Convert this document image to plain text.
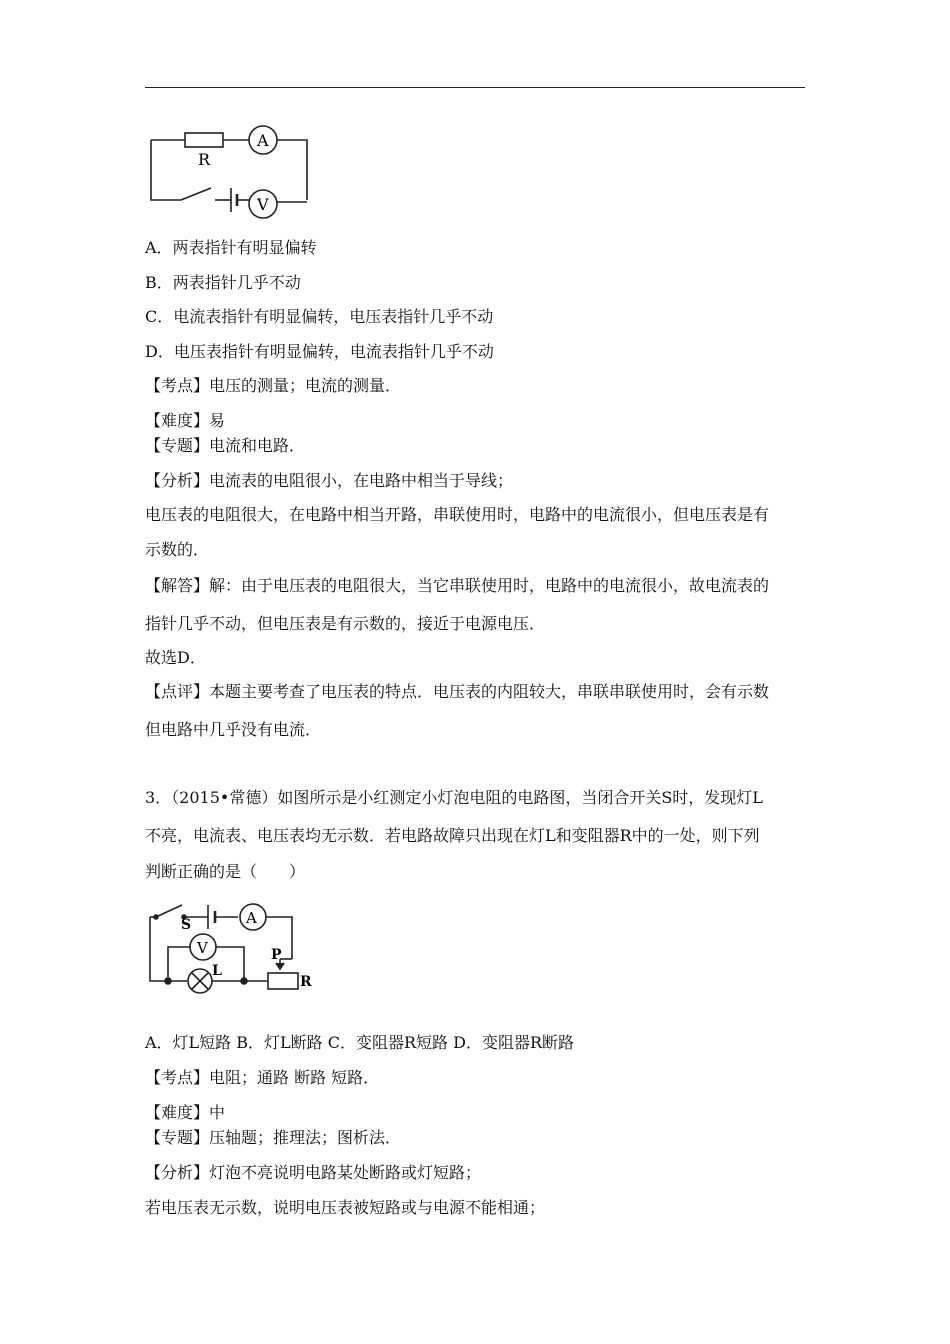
R
A
V
A．两表指针有明显偏转
B．两表指针几乎不动
C．电流表指针有明显偏转，电压表指针几乎不动
D．电压表指针有明显偏转，电流表指针几乎不动
【考点】电压的测量；电流的测量．
【难度】易
【专题】电流和电路．
【分析】电流表的电阻很小，在电路中相当于导线；
电压表的电阻很大，在电路中相当开路，串联使用时，电路中的电流很小，但电压表是有
示数的．
【解答】解：由于电压表的电阻很大，当它串联使用时，电路中的电流很小，故电流表的
指针几乎不动，但电压表是有示数的，接近于电源电压．
故选D．
【点评】本题主要考查了电压表的特点．电压表的内阻较大，串联串联使用时，会有示数
但电路中几乎没有电流．
3．（2015•常德）如图所示是小红测定小灯泡电阻的电路图，当闭合开关S时，发现灯L
不亮，电流表、电压表均无示数．若电路故障只出现在灯L和变阻器R中的一处，则下列
判断正确的是（　　）
S	A
V
L
P
R
A．灯L短路 B．灯L断路 C．变阻器R短路 D．变阻器R断路
【考点】电阻；通路 断路 短路．
【难度】中
【专题】压轴题；推理法；图析法．
【分析】灯泡不亮说明电路某处断路或灯短路；
若电压表无示数，说明电压表被短路或与电源不能相通；
